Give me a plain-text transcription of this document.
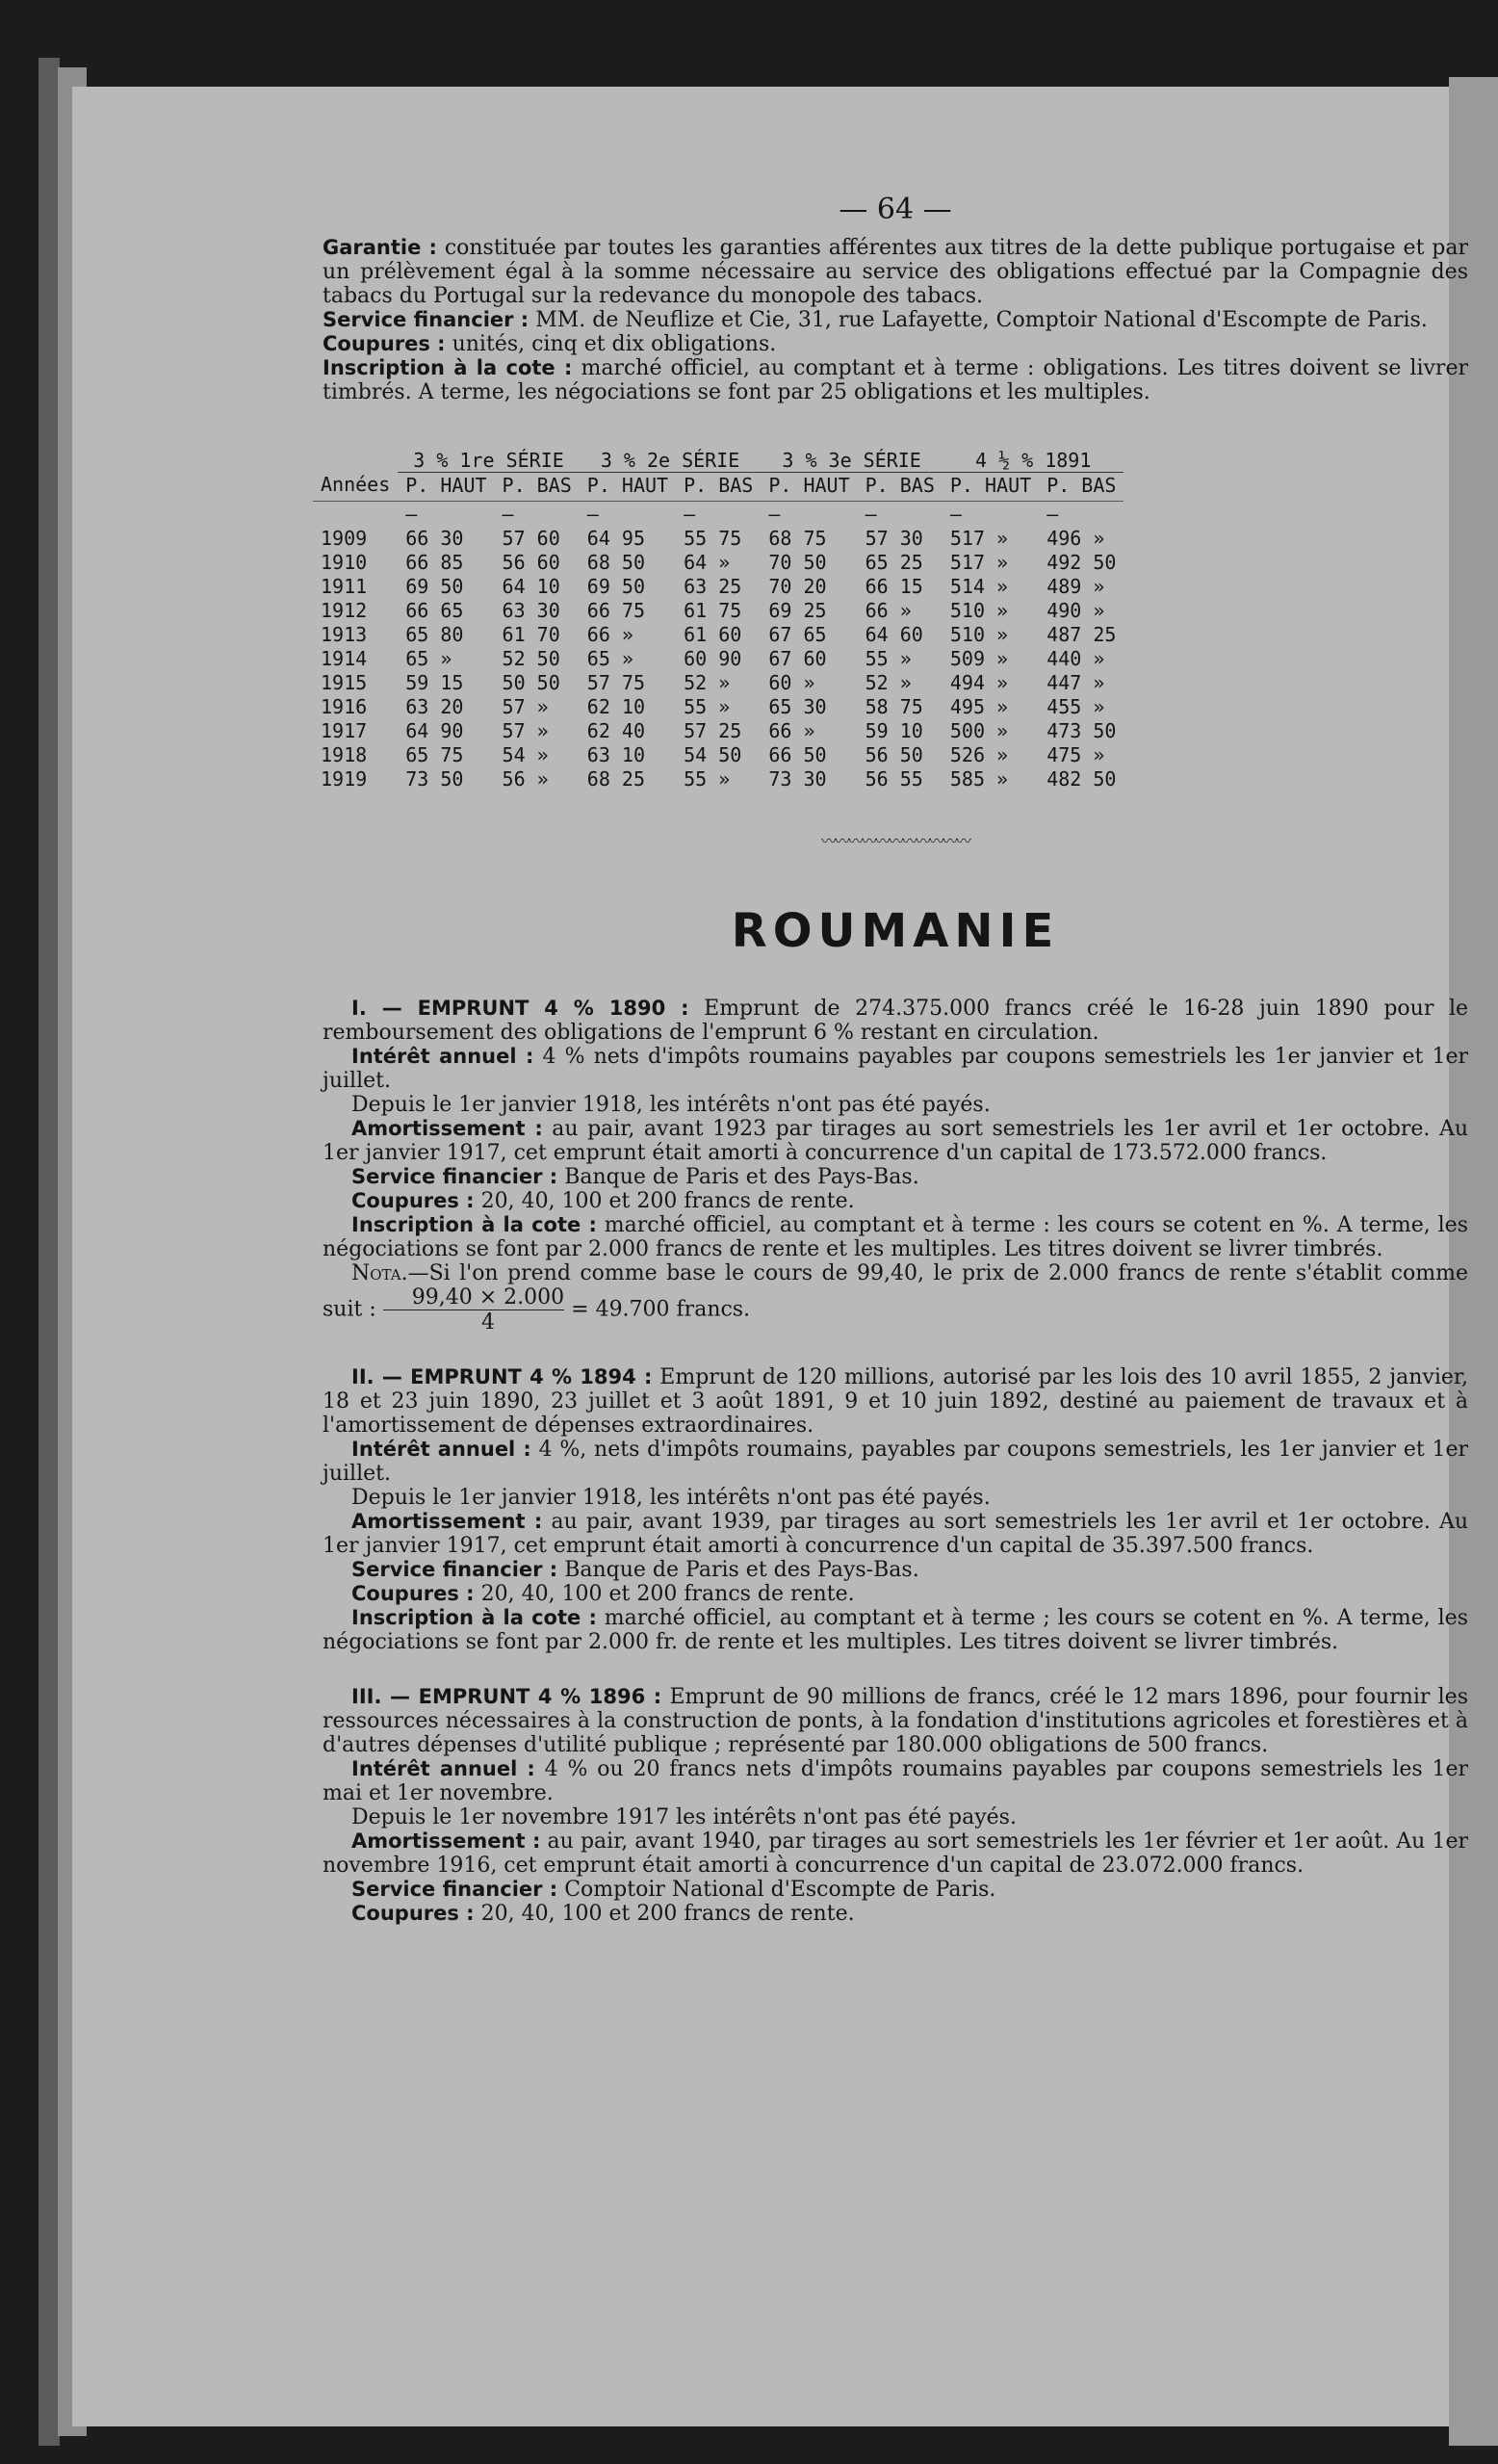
— 64 —

Garantie : constituée par toutes les garanties afférentes aux titres de la dette publique portugaise et par un prélèvement égal à la somme nécessaire au service des obligations effectué par la Compagnie des tabacs du Portugal sur la redevance du monopole des tabacs.

Service financier : MM. de Neuflize et Cie, 31, rue Lafayette, Comptoir National d'Escompte de Paris.

Coupures : unités, cinq et dix obligations.

Inscription à la cote : marché officiel, au comptant et à terme : obligations. Les titres doivent se livrer timbrés. A terme, les négociations se font par 25 obligations et les multiples.

	3 % 1re SÉRIE		3 % 2e SÉRIE		3 % 3e SÉRIE		4 ½ % 1891	
Années	P. HAUT	P. BAS	P. HAUT	P. BAS	P. HAUT	P. BAS	P. HAUT	P. BAS
	—	—	—	—	—	—	—	—
1909	66 30	57 60	64 95	55 75	68 75	57 30	517 »	496 »
1910	66 85	56 60	68 50	64 »	70 50	65 25	517 »	492 50
1911	69 50	64 10	69 50	63 25	70 20	66 15	514 »	489 »
1912	66 65	63 30	66 75	61 75	69 25	66 »	510 »	490 »
1913	65 80	61 70	66 »	61 60	67 65	64 60	510 »	487 25
1914	65 »	52 50	65 »	60 90	67 60	55 »	509 »	440 »
1915	59 15	50 50	57 75	52 »	60 »	52 »	494 »	447 »
1916	63 20	57 »	62 10	55 »	65 30	58 75	495 »	455 »
1917	64 90	57 »	62 40	57 25	66 »	59 10	500 »	473 50
1918	65 75	54 »	63 10	54 50	66 50	56 50	526 »	475 »
1919	73 50	56 »	68 25	55 »	73 30	56 55	585 »	482 50
〰〰〰〰〰〰〰〰〰〰〰
ROUMANIE

I. — EMPRUNT 4 % 1890 : Emprunt de 274.375.000 francs créé le 16-28 juin 1890 pour le remboursement des obligations de l'emprunt 6 % restant en circulation.

Intérêt annuel : 4 % nets d'impôts roumains payables par coupons semestriels les 1er janvier et 1er juillet.

Depuis le 1er janvier 1918, les intérêts n'ont pas été payés.

Amortissement : au pair, avant 1923 par tirages au sort semestriels les 1er avril et 1er octobre. Au 1er janvier 1917, cet emprunt était amorti à concurrence d'un capital de 173.572.000 francs.

Service financier : Banque de Paris et des Pays-Bas.

Coupures : 20, 40, 100 et 200 francs de rente.

Inscription à la cote : marché officiel, au comptant et à terme : les cours se cotent en %. A terme, les négociations se font par 2.000 francs de rente et les multiples. Les titres doivent se livrer timbrés.

Nota.—Si l'on prend comme base le cours de 99,40, le prix de 2.000 francs de rente s'établit comme suit : $\frac{99,40 \times 2.000}{4} = 49.700$ francs.

II. — EMPRUNT 4 % 1894 : Emprunt de 120 millions, autorisé par les lois des 10 avril 1855, 2 janvier, 18 et 23 juin 1890, 23 juillet et 3 août 1891, 9 et 10 juin 1892, destiné au paiement de travaux et à l'amortissement de dépenses extraordinaires.

Intérêt annuel : 4 %, nets d'impôts roumains, payables par coupons semestriels, les 1er janvier et 1er juillet.

Depuis le 1er janvier 1918, les intérêts n'ont pas été payés.

Amortissement : au pair, avant 1939, par tirages au sort semestriels les 1er avril et 1er octobre. Au 1er janvier 1917, cet emprunt était amorti à concurrence d'un capital de 35.397.500 francs.

Service financier : Banque de Paris et des Pays-Bas.

Coupures : 20, 40, 100 et 200 francs de rente.

Inscription à la cote : marché officiel, au comptant et à terme ; les cours se cotent en %. A terme, les négociations se font par 2.000 fr. de rente et les multiples. Les titres doivent se livrer timbrés.

III. — EMPRUNT 4 % 1896 : Emprunt de 90 millions de francs, créé le 12 mars 1896, pour fournir les ressources nécessaires à la construction de ponts, à la fondation d'institutions agricoles et forestières et à d'autres dépenses d'utilité publique ; représenté par 180.000 obligations de 500 francs.

Intérêt annuel : 4 % ou 20 francs nets d'impôts roumains payables par coupons semestriels les 1er mai et 1er novembre.

Depuis le 1er novembre 1917 les intérêts n'ont pas été payés.

Amortissement : au pair, avant 1940, par tirages au sort semestriels les 1er février et 1er août. Au 1er novembre 1916, cet emprunt était amorti à concurrence d'un capital de 23.072.000 francs.

Service financier : Comptoir National d'Escompte de Paris.

Coupures : 20, 40, 100 et 200 francs de rente.
